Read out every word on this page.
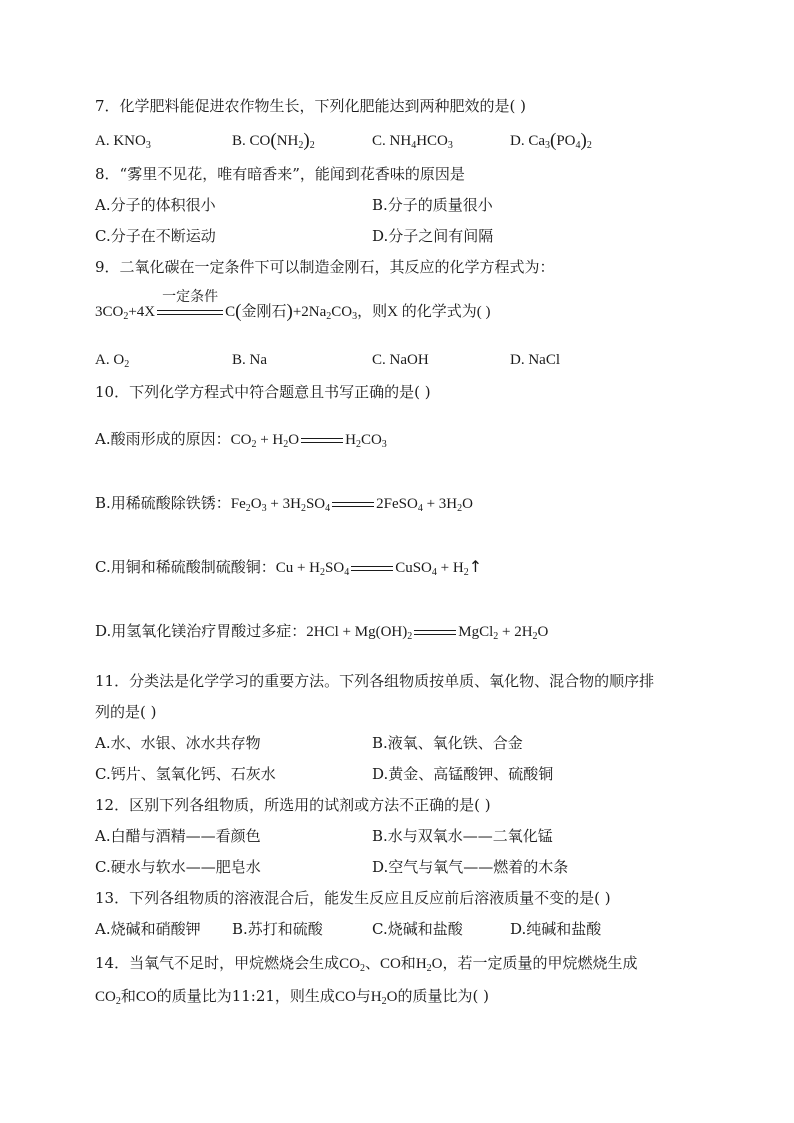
7．化学肥料能促进农作物生长，下列化肥能达到两种肥效的是( )
A. $KNO_3$	B. $CO(NH_2)_2$	C. $NH_4HCO_3$	D. $Ca_3(PO_4)_2$
8．“雾里不见花，唯有暗香来”，能闻到花香味的原因是
A.分子的体积很小	B.分子的质量很小
C.分子在不断运动	D.分子之间有间隔
9．二氧化碳在一定条件下可以制造金刚石，其反应的化学方程式为：
$3CO_2+4X$
一定条件
C(金刚石)$+2Na_2CO_3$，则X 的化学式为( )
A. $O_2$	B. Na	C. NaOH	D. NaCl
10．下列化学方程式中符合题意且书写正确的是( )
A.酸雨形成的原因：$CO_2 + H_2O$	$H_2CO_3$
B.用稀硫酸除铁锈：$Fe_2O_3 + 3H_2SO_4$	2FeSO$_4$ + $3H_2O$
C.用铜和稀硫酸制硫酸铜：$Cu + H_2SO_4$	CuSO$_4$ + $H_2↑$
D.用氢氧化镁治疗胃酸过多症：$2HCl + Mg(OH)_2$	MgCl$_2$ + $2H_2O$
11．分类法是化学学习的重要方法。下列各组物质按单质、氧化物、混合物的顺序排
列的是( )
A.水、水银、冰水共存物	B.液氧、氧化铁、合金
C.钙片、氢氧化钙、石灰水	D.黄金、高锰酸钾、硫酸铜
12．区别下列各组物质，所选用的试剂或方法不正确的是( )
A.白醋与酒精——看颜色	B.水与双氧水——二氧化锰
C.硬水与软水——肥皂水	D.空气与氧气——燃着的木条
13．下列各组物质的溶液混合后，能发生反应且反应前后溶液质量不变的是( )
A.烧碱和硝酸钾 B.苏打和硫酸	C.烧碱和盐酸	D.纯碱和盐酸
14．当氧气不足时，甲烷燃烧会生成$CO_2$、CO和$H_2O$，若一定质量的甲烷燃烧生成
$CO_2$和CO的质量比为11:21，则生成CO与$H_2O$的质量比为( )
